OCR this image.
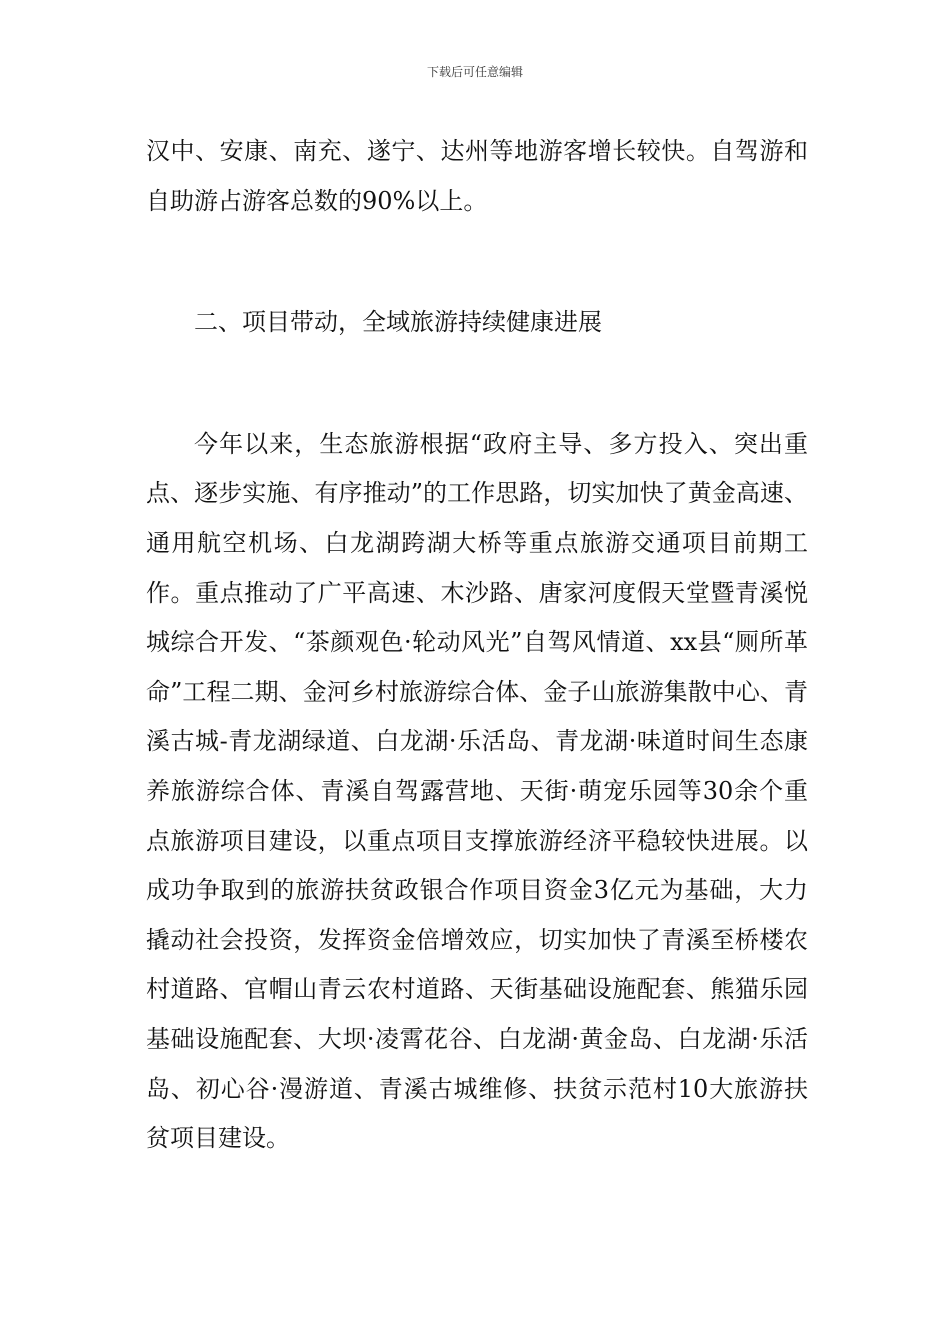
下载后可任意编辑

汉中、安康、南充、遂宁、达州等地游客增长较快。自驾游和自助游占游客总数的90%以上。

二、项目带动，全域旅游持续健康进展

今年以来，生态旅游根据“政府主导、多方投入、突出重点、逐步实施、有序推动”的工作思路，切实加快了黄金高速、通用航空机场、白龙湖跨湖大桥等重点旅游交通项目前期工作。重点推动了广平高速、木沙路、唐家河度假天堂暨青溪悦城综合开发、“茶颜观色·轮动风光”自驾风情道、xx县“厕所革命”工程二期、金河乡村旅游综合体、金子山旅游集散中心、青溪古城-青龙湖绿道、白龙湖·乐活岛、青龙湖·味道时间生态康养旅游综合体、青溪自驾露营地、天街·萌宠乐园等30余个重点旅游项目建设，以重点项目支撑旅游经济平稳较快进展。以成功争取到的旅游扶贫政银合作项目资金3亿元为基础，大力撬动社会投资，发挥资金倍增效应，切实加快了青溪至桥楼农村道路、官帽山青云农村道路、天街基础设施配套、熊猫乐园基础设施配套、大坝·凌霄花谷、白龙湖·黄金岛、白龙湖·乐活岛、初心谷·漫游道、青溪古城维修、扶贫示范村10大旅游扶贫项目建设。
